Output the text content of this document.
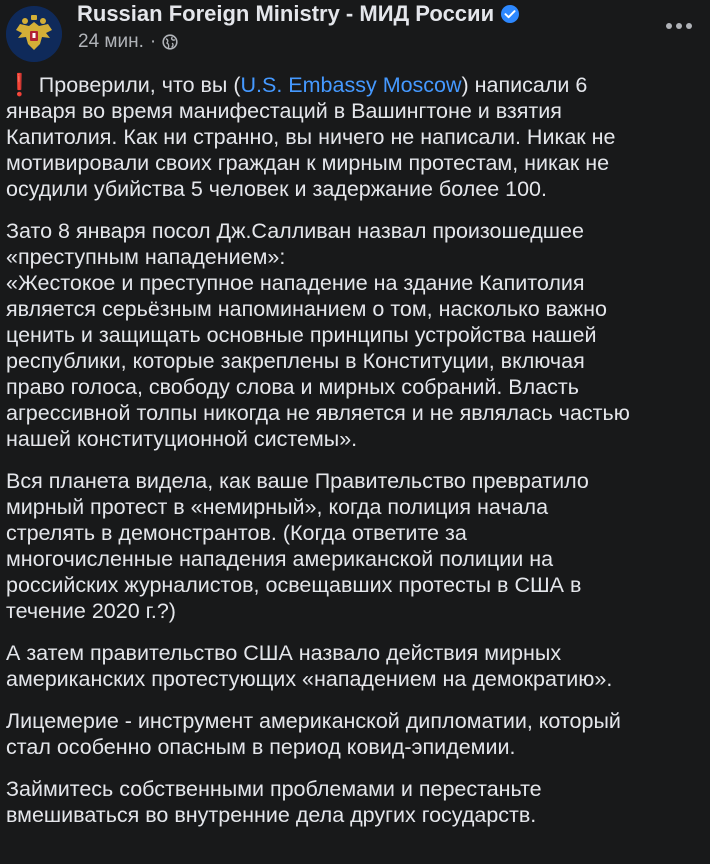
Russian Foreign Ministry - МИД России
24 мин. ·

❗ Проверили, что вы (U.S. Embassy Moscow) написали 6
января во время манифестаций в Вашингтоне и взятия
Капитолия. Как ни странно, вы ничего не написали. Никак не
мотивировали своих граждан к мирным протестам, никак не
осудили убийства 5 человек и задержание более 100.

Зато 8 января посол Дж.Салливан назвал произошедшее
«преступным нападением»:
«Жестокое и преступное нападение на здание Капитолия
является серьёзным напоминанием о том, насколько важно
ценить и защищать основные принципы устройства нашей
республики, которые закреплены в Конституции, включая
право голоса, свободу слова и мирных собраний. Власть
агрессивной толпы никогда не является и не являлась частью
нашей конституционной системы».

Вся планета видела, как ваше Правительство превратило
мирный протест в «немирный», когда полиция начала
стрелять в демонстрантов. (Когда ответите за
многочисленные нападения американской полиции на
российских журналистов, освещавших протесты в США в
течение 2020 г.?)

А затем правительство США назвало действия мирных
американских протестующих «нападением на демократию».

Лицемерие - инструмент американской дипломатии, который
стал особенно опасным в период ковид-эпидемии.

Займитесь собственными проблемами и перестаньте
вмешиваться во внутренние дела других государств.
